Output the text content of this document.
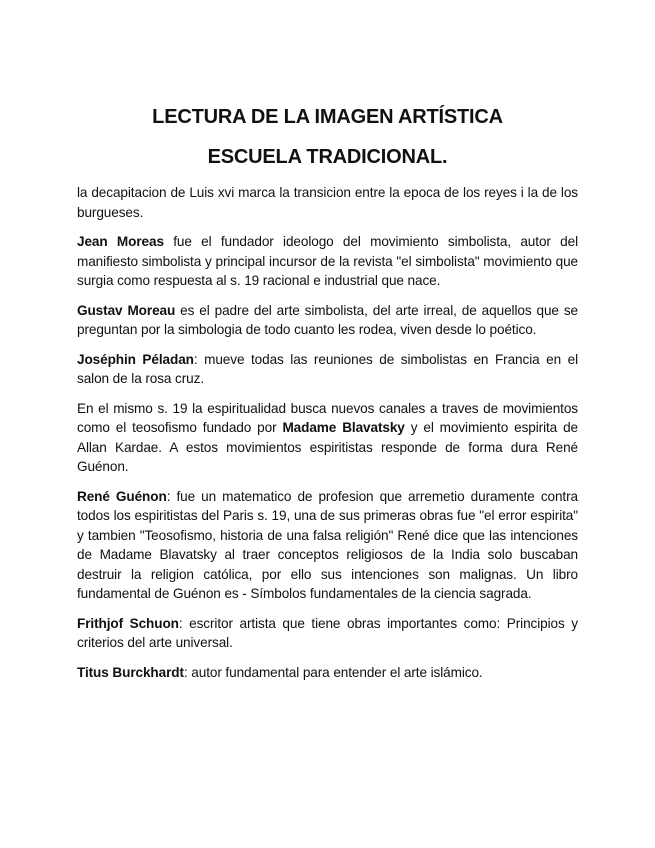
LECTURA DE LA IMAGEN ARTÍSTICA
ESCUELA TRADICIONAL.

la decapitacion de Luis xvi marca la transicion entre la epoca de los reyes i la de los burgueses.

Jean Moreas fue el fundador ideologo del movimiento simbolista, autor del manifiesto simbolista y principal incursor de la revista "el simbolista" movimiento que surgia como respuesta al s. 19 racional e industrial que nace.

Gustav Moreau es el padre del arte simbolista, del arte irreal, de aquellos que se preguntan por la simbologia de todo cuanto les rodea, viven desde lo poético.

Joséphin Péladan: mueve todas las reuniones de simbolistas en Francia en el salon de la rosa cruz.

En el mismo s. 19 la espiritualidad busca nuevos canales a traves de movimientos como el teosofismo fundado por Madame Blavatsky y el movimiento espirita de Allan Kardae. A estos movimientos espiritistas responde de forma dura René Guénon.

René Guénon: fue un matematico de profesion que arremetio duramente contra todos los espiritistas del Paris s. 19, una de sus primeras obras fue "el error espirita" y tambien "Teosofismo, historia de una falsa religión" René dice que las intenciones de Madame Blavatsky al traer conceptos religiosos de la India solo buscaban destruir la religion católica, por ello sus intenciones son malignas. Un libro fundamental de Guénon es - Símbolos fundamentales de la ciencia sagrada.

Frithjof Schuon: escritor artista que tiene obras importantes como: Principios y criterios del arte universal.

Titus Burckhardt: autor fundamental para entender el arte islámico.
